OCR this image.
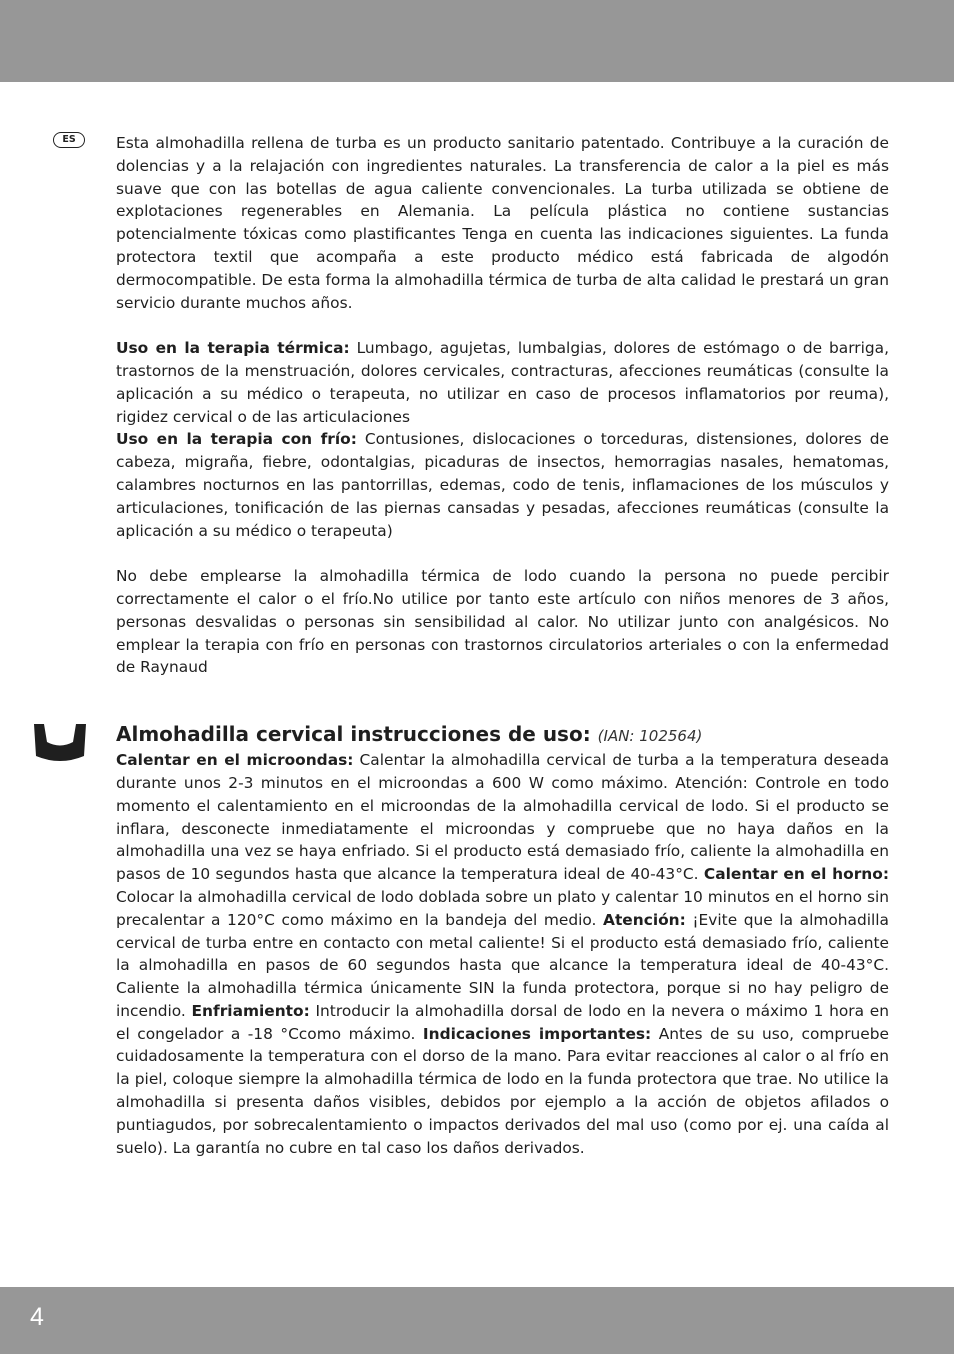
ES	Esta almohadilla rellena de turba es un producto sanitario patentado. Contribuye a la curación de dolencias y a la relajación con ingredientes naturales. La transferencia de calor a la piel es más suave que con las botellas de agua caliente convencionales. La turba utilizada se obtiene de explotaciones regenerables en Alemania. La película plástica no contiene sustancias potencialmente tóxicas como plastificantes Tenga en cuenta las indicaciones siguientes. La funda protectora textil que acompaña a este producto médico está fabricada de algodón dermocompatible. De esta forma la almohadilla térmica de turba de alta calidad le prestará un gran servicio durante muchos años.

Uso en la terapia térmica: Lumbago, agujetas, lumbalgias, dolores de estómago o de barriga, trastornos de la menstruación, dolores cervicales, contracturas, afecciones reumáticas (consulte la aplicación a su médico o terapeuta, no utilizar en caso de procesos inflamatorios por reuma), rigidez cervical o de las articulaciones

Uso en la terapia con frío: Contusiones, dislocaciones o torceduras, distensiones, dolores de cabeza, migraña, fiebre, odontalgias, picaduras de insectos, hemorragias nasales, hematomas, calambres nocturnos en las pantorrillas, edemas, codo de tenis, inflamaciones de los músculos y articulaciones, tonificación de las piernas cansadas y pesadas, afecciones reumáticas (consulte la aplicación a su médico o terapeuta)

No debe emplearse la almohadilla térmica de lodo cuando la persona no puede percibir correctamente el calor o el frío.No utilice por tanto este artículo con niños menores de 3 años, personas desvalidas o personas sin sensibilidad al calor. No utilizar junto con analgésicos. No emplear la terapia con frío en personas con trastornos circulatorios arteriales o con la enfermedad de Raynaud

Almohadilla cervical instrucciones de uso: (IAN: 102564)

Calentar en el microondas: Calentar la almohadilla cervical de turba a la temperatura deseada durante unos 2-3 minutos en el microondas a 600 W como máximo. Atención: Controle en todo momento el calentamiento en el microondas de la almohadilla cervical de lodo. Si el producto se inflara, desconecte inmediatamente el microondas y compruebe que no haya daños en la almohadilla una vez se haya enfriado. Si el producto está demasiado frío, caliente la almohadilla en pasos de 10 segundos hasta que alcance la temperatura ideal de 40-43°C. Calentar en el horno: Colocar la almohadilla cervical de lodo doblada sobre un plato y calentar 10 minutos en el horno sin precalentar a 120°C como máximo en la bandeja del medio. Atención: ¡Evite que la almohadilla cervical de turba entre en contacto con metal caliente! Si el producto está demasiado frío, caliente la almohadilla en pasos de 60 segundos hasta que alcance la temperatura ideal de 40-43°C. Caliente la almohadilla térmica únicamente SIN la funda protectora, porque si no hay peligro de incendio. Enfriamiento: Introducir la almohadilla dorsal de lodo en la nevera o máximo 1 hora en el congelador a -18 °Ccomo máximo. Indicaciones importantes: Antes de su uso, compruebe cuidadosamente la temperatura con el dorso de la mano. Para evitar reacciones al calor o al frío en la piel, coloque siempre la almohadilla térmica de lodo en la funda protectora que trae. No utilice la almohadilla si presenta daños visibles, debidos por ejemplo a la acción de objetos afilados o puntiagudos, por sobrecalentamiento o impactos derivados del mal uso (como por ej. una caída al suelo). La garantía no cubre en tal caso los daños derivados.

4
